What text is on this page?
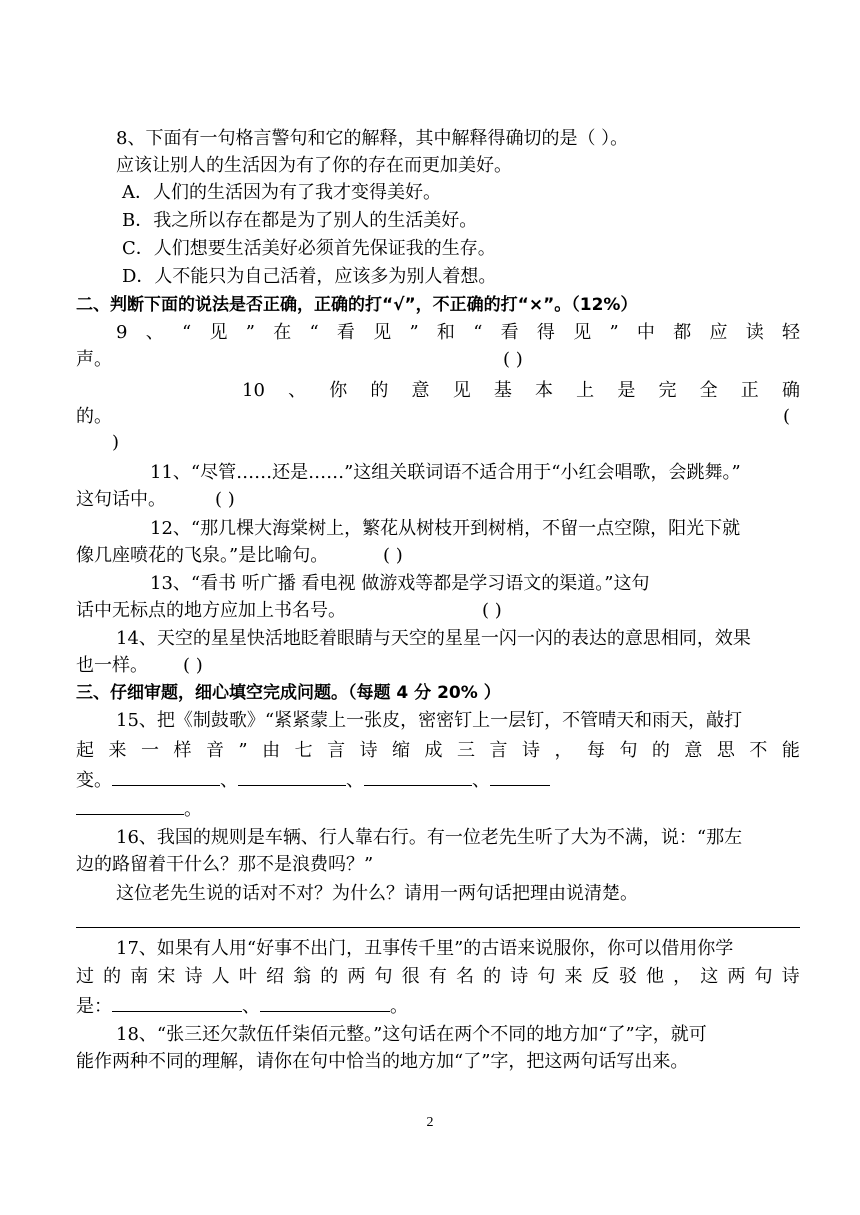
8、下面有一句格言警句和它的解释，其中解释得确切的是（ ）。
应该让别人的生活因为有了你的存在而更加美好。
A．人们的生活因为有了我才变得美好。
B．我之所以存在都是为了别人的生活美好。
C．人们想要生活美好必须首先保证我的生存。
D．人不能只为自己活着，应该多为别人着想。
二、判断下面的说法是否正确，正确的打“√”，不正确的打“×”。（12%）
9 、 “ 见 ” 在 “ 看 见 ” 和 “ 看 得 见 ” 中 都 应 读 轻
声。	( )
10 、 你 的 意 见 基 本 上 是 完 全 正 确
的。	(
)
11、“尽管……还是……”这组关联词语不适合用于“小红会唱歌，会跳舞。”
这句话中。	( )
12、“那几棵大海棠树上，繁花从树枝开到树梢，不留一点空隙，阳光下就
像几座喷花的飞泉。”是比喻句。	( )
13、“看书 听广播 看电视 做游戏等都是学习语文的渠道。”这句
话中无标点的地方应加上书名号。	( )
14、天空的星星快活地眨着眼睛与天空的星星一闪一闪的表达的意思相同，效果
也一样。 ( )
三、仔细审题，细心填空完成问题。（每题 4 分 20% ）
15、把《制鼓歌》“紧紧蒙上一张皮，密密钉上一层钉，不管晴天和雨天，敲打
起 来 一 样 音 ” 由 七 言 诗 缩 成 三 言 诗 ， 每 句 的 意 思 不 能
变。	、	、	、
。
16、我国的规则是车辆、行人靠右行。有一位老先生听了大为不满，说：“那左
边的路留着干什么？那不是浪费吗？”
这位老先生说的话对不对？为什么？请用一两句话把理由说清楚。
17、如果有人用“好事不出门，丑事传千里”的古语来说服你，你可以借用你学
过 的 南 宋 诗 人 叶 绍 翁 的 两 句 很 有 名 的 诗 句 来 反 驳 他 ， 这 两 句 诗
是：	、	。
18、“张三还欠款伍仟柒佰元整。”这句话在两个不同的地方加“了”字，就可
能作两种不同的理解，请你在句中恰当的地方加“了”字，把这两句话写出来。
2
